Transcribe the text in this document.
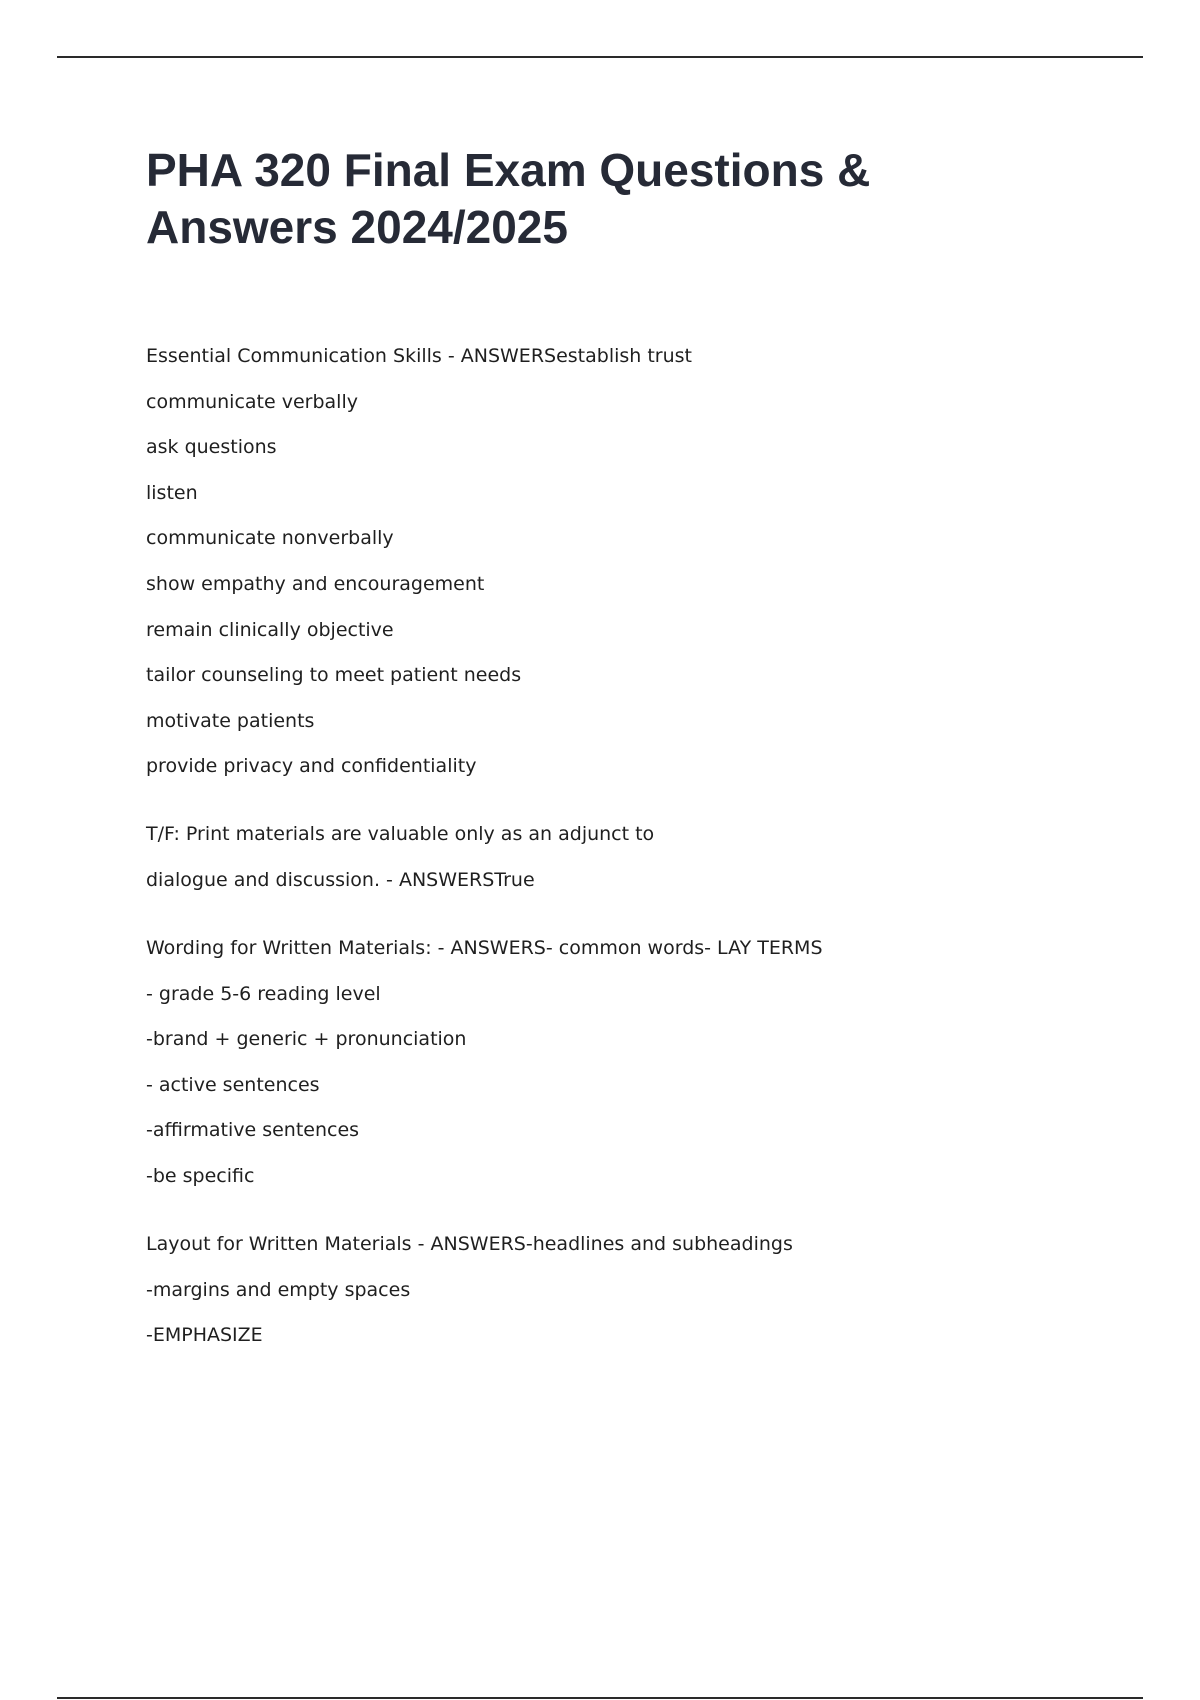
PHA 320 Final Exam Questions &
Answers 2024/2025
Essential Communication Skills - ANSWERSestablish trust
communicate verbally
ask questions
listen
communicate nonverbally
show empathy and encouragement
remain clinically objective
tailor counseling to meet patient needs
motivate patients
provide privacy and confidentiality
T/F: Print materials are valuable only as an adjunct to
dialogue and discussion. - ANSWERSTrue
Wording for Written Materials: - ANSWERS- common words- LAY TERMS
- grade 5-6 reading level
-brand + generic + pronunciation
- active sentences
-affirmative sentences
-be specific
Layout for Written Materials - ANSWERS-headlines and subheadings
-margins and empty spaces
-EMPHASIZE
